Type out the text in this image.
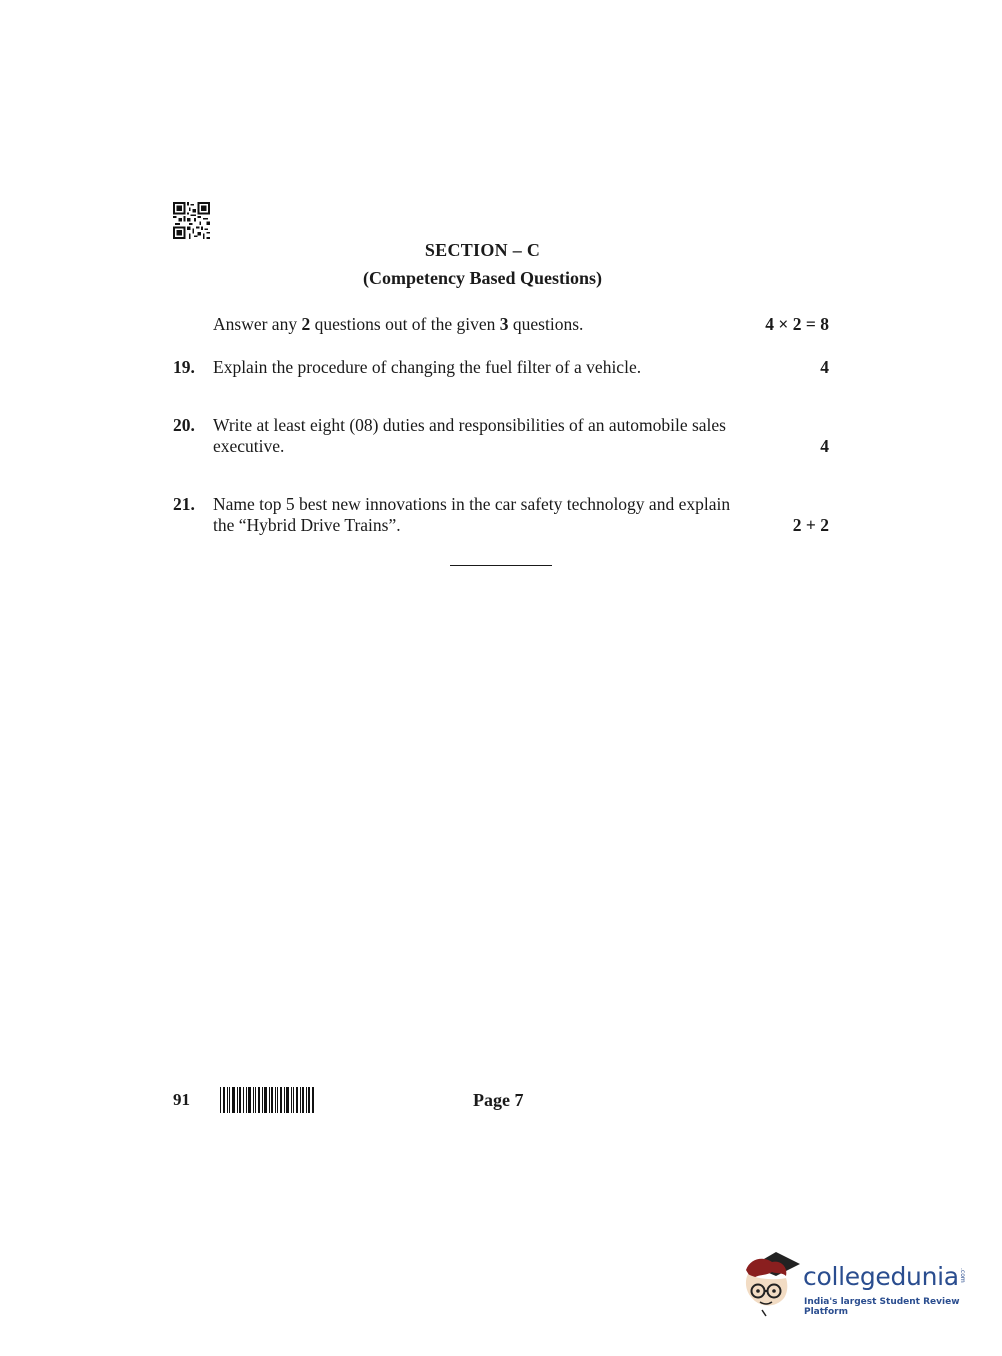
SECTION – C
(Competency Based Questions)
Answer any 2 questions out of the given 3 questions.	4 × 2 = 8
19. Explain the procedure of changing the fuel filter of a vehicle.	4
20. Write at least eight (08) duties and responsibilities of an automobile sales
executive.	4
21. Name top 5 best new innovations in the car safety technology and explain
the “Hybrid Drive Trains”.	2 + 2
91	Page 7
collegedunia .com
India's largest Student Review Platform
